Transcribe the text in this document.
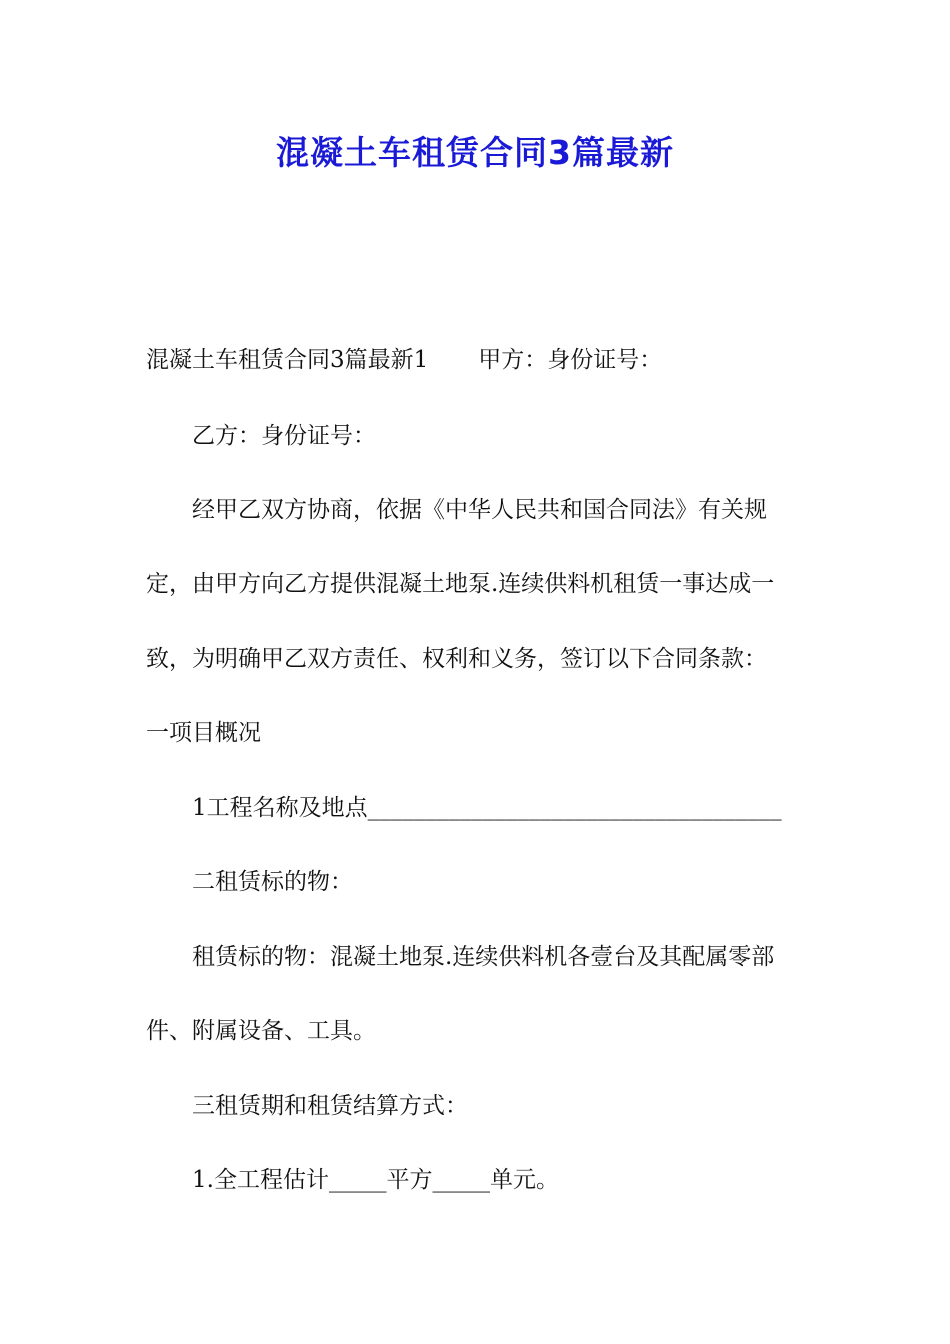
混凝土车租赁合同3篇最新

混凝土车租赁合同3篇最新1 甲方：身份证号：

乙方：身份证号：

经甲乙双方协商，依据《中华人民共和国合同法》有关规

定，由甲方向乙方提供混凝土地泵.连续供料机租赁一事达成一

致，为明确甲乙双方责任、权利和义务，签订以下合同条款：

一项目概况

1工程名称及地点____________________________________

二租赁标的物：

租赁标的物：混凝土地泵.连续供料机各壹台及其配属零部

件、附属设备、工具。

三租赁期和租赁结算方式：

1.全工程估计_____平方_____单元。
